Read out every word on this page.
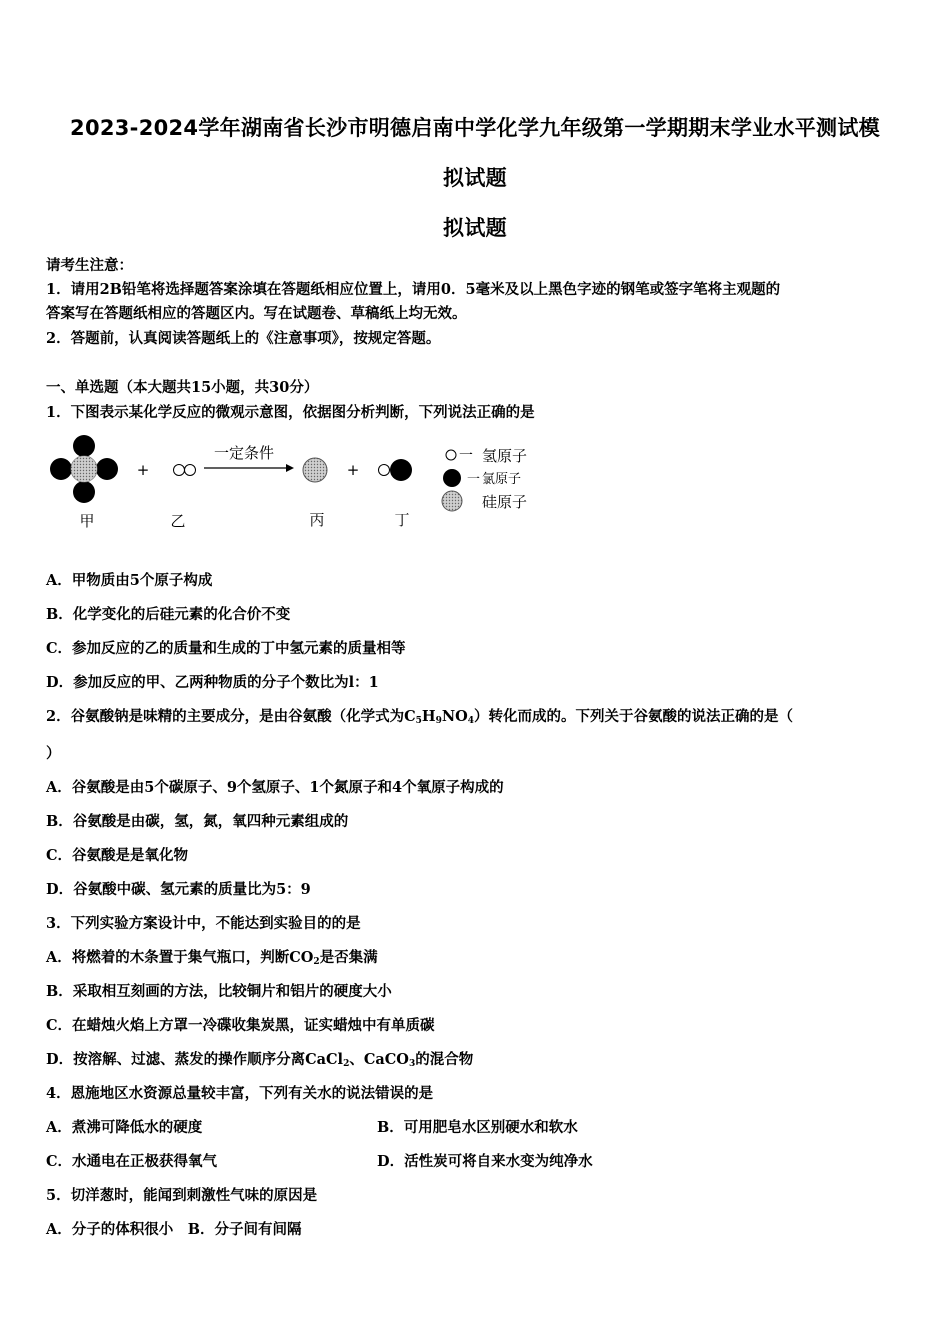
2023-2024学年湖南省长沙市明德启南中学化学九年级第一学期期末学业水平测试模
拟试题
拟试题
请考生注意：
1．请用2B铅笔将选择题答案涂填在答题纸相应位置上，请用0．5毫米及以上黑色字迹的钢笔或签字笔将主观题的
答案写在答题纸相应的答题区内。写在试题卷、草稿纸上均无效。
2．答题前，认真阅读答题纸上的《注意事项》，按规定答题。
一、单选题（本大题共15小题，共30分）
1．下图表示某化学反应的微观示意图，依据图分析判断，下列说法正确的是
+
一定条件
+
甲	乙	丙	丁
一 氢原子
一 氯原子
硅原子
A．甲物质由5个原子构成
B．化学变化的后硅元素的化合价不变
C．参加反应的乙的质量和生成的丁中氢元素的质量相等
D．参加反应的甲、乙两种物质的分子个数比为l：1
2．谷氨酸钠是味精的主要成分，是由谷氨酸（化学式为$C_5H_9NO_4$）转化而成的。下列关于谷氨酸的说法正确的是（
）
A．谷氨酸是由5个碳原子、9个氢原子、1个氮原子和4个氧原子构成的
B．谷氨酸是由碳，氢，氮，氧四种元素组成的
C．谷氨酸是是氧化物
D．谷氨酸中碳、氢元素的质量比为5：9
3．下列实验方案设计中，不能达到实验目的的是
A．将燃着的木条置于集气瓶口，判断$CO_2$是否集满
B．采取相互刻画的方法，比较铜片和铝片的硬度大小
C．在蜡烛火焰上方罩一冷碟收集炭黑，证实蜡烛中有单质碳
D．按溶解、过滤、蒸发的操作顺序分离CaCl$_2$、CaCO$_3$的混合物
4．恩施地区水资源总量较丰富，下列有关水的说法错误的是
A．煮沸可降低水的硬度	B．可用肥皂水区别硬水和软水
C．水通电在正极获得氧气	D．活性炭可将自来水变为纯净水
5．切洋葱时，能闻到刺激性气味的原因是
A．分子的体积很小　B．分子间有间隔
